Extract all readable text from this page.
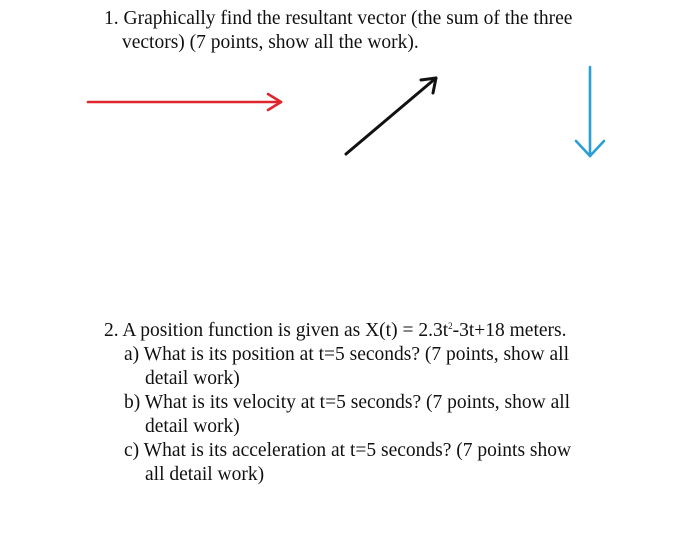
1. Graphically find the resultant vector (the sum of the three
vectors) (7 points, show all the work).
2. A position function is given as $X(t) = 2.3t^2-3t+18$ meters.
a) What is its position at t=5 seconds? (7 points, show all
detail work)
b) What is its velocity at t=5 seconds? (7 points, show all
detail work)
c) What is its acceleration at t=5 seconds? (7 points show
all detail work)
